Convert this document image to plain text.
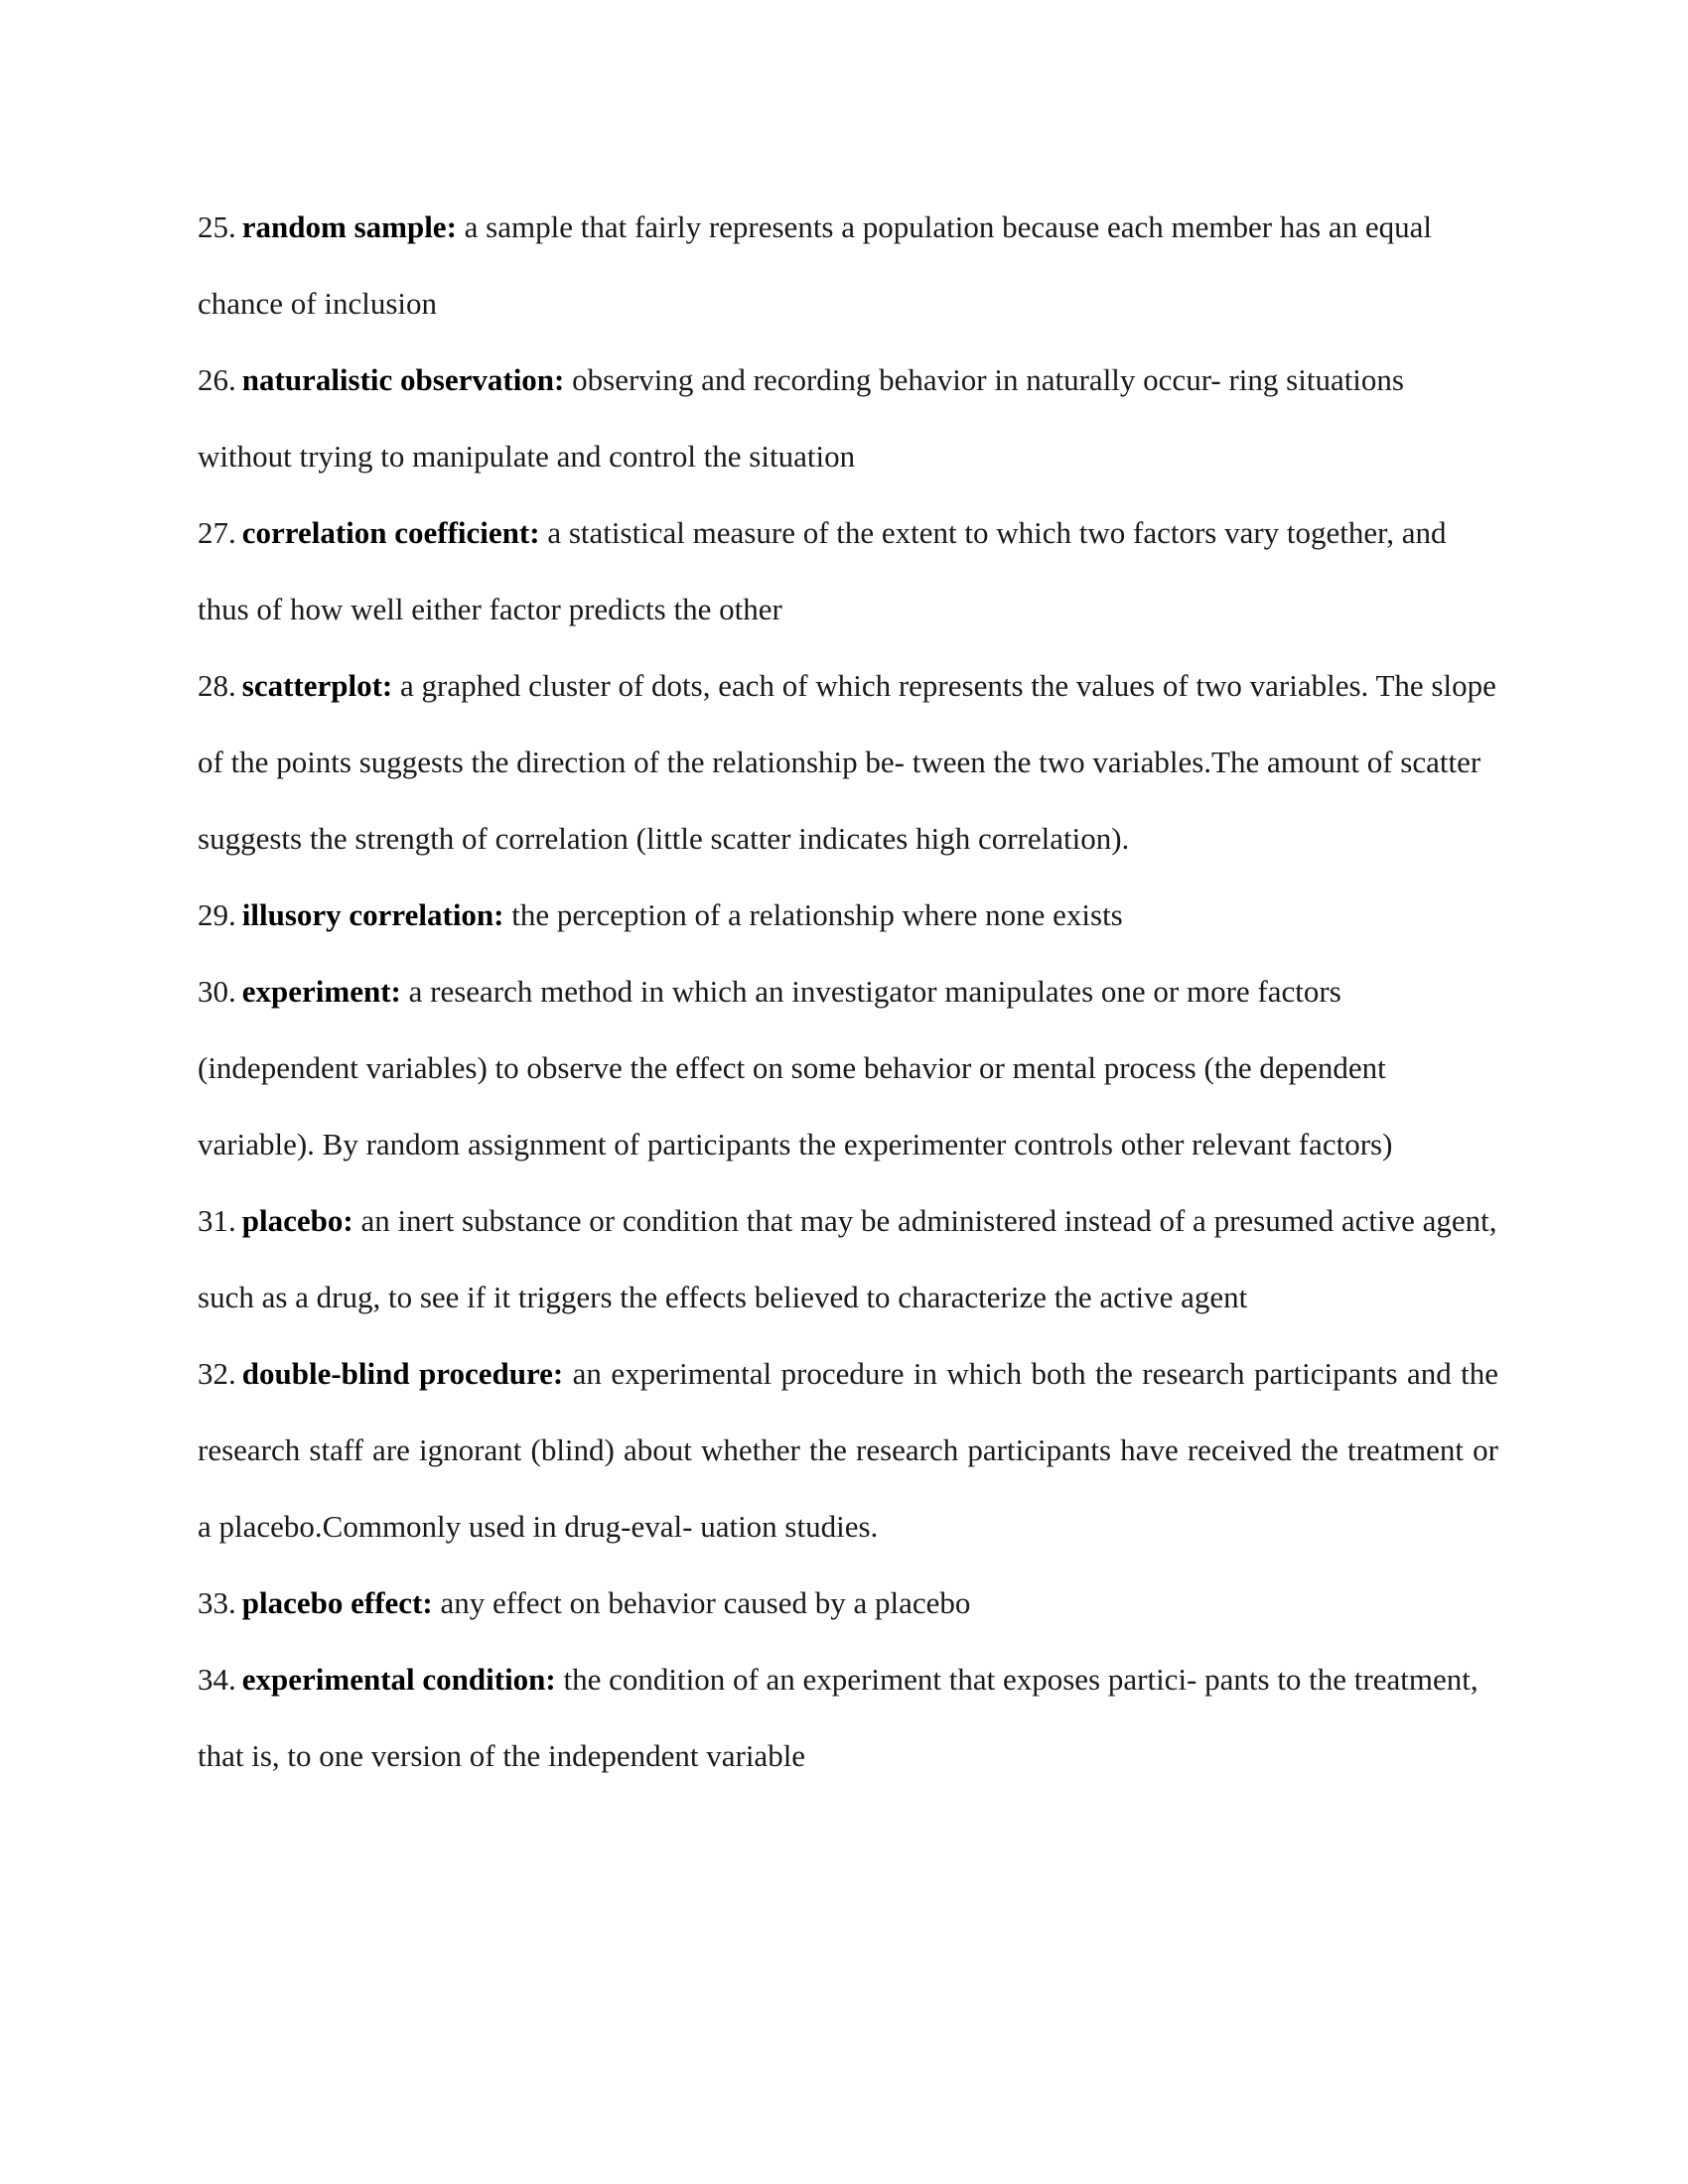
25. random sample: a sample that fairly represents a population because each member has an equal chance of inclusion
26. naturalistic observation: observing and recording behavior in naturally occur- ring situations without trying to manipulate and control the situation
27. correlation coefficient: a statistical measure of the extent to which two factors vary together, and thus of how well either factor predicts the other
28. scatterplot: a graphed cluster of dots, each of which represents the values of two variables. The slope of the points suggests the direction of the relationship be- tween the two variables.The amount of scatter suggests the strength of correlation (little scatter indicates high correlation).
29. illusory correlation: the perception of a relationship where none exists
30. experiment: a research method in which an investigator manipulates one or more factors (independent variables) to observe the effect on some behavior or mental process (the dependent variable). By random assignment of participants the experimenter controls other relevant factors)
31. placebo: an inert substance or condition that may be administered instead of a presumed active agent, such as a drug, to see if it triggers the effects believed to characterize the active agent
32. double-blind procedure: an experimental procedure in which both the research participants and the research staff are ignorant (blind) about whether the research participants have received the treatment or a placebo.Commonly used in drug-eval- uation studies.
33. placebo effect: any effect on behavior caused by a placebo
34. experimental condition: the condition of an experiment that exposes partici- pants to the treatment, that is, to one version of the independent variable
